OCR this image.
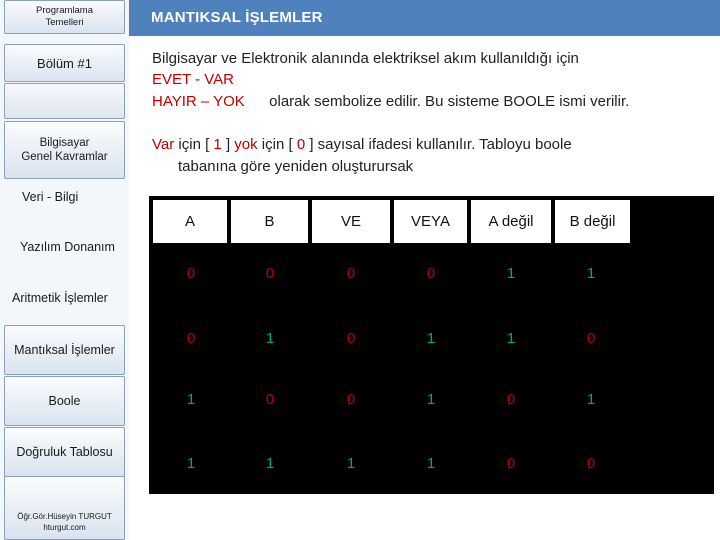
Programlama
Temelleri
Bölüm #1
Bilgisayar
Genel Kavramlar
Veri - Bilgi
Yazılım Donanım
Aritmetik İşlemler
Mantıksal İşlemler
Boole
Doğruluk Tablosu
Öğr.Gör.Hüseyin TURGUT
hturgut.com
MANTIKSAL İŞLEMLER
Bilgisayar ve Elektronik alanında elektriksel akım kullanıldığı için
EVET - VAR
HAYIR – YOK olarak sembolize edilir. Bu sisteme BOOLE ismi verilir.
Var için [ 1 ] yok için [ 0 ] sayısal ifadesi kullanılır. Tabloyu boole
tabanına göre yeniden oluşturursak
A	B	VE	VEYA	A değil	B değil
0	0	0	0	1	1
0	1	0	1	1	0
1	0	0	1	0	1
1	1	1	1	0	0
